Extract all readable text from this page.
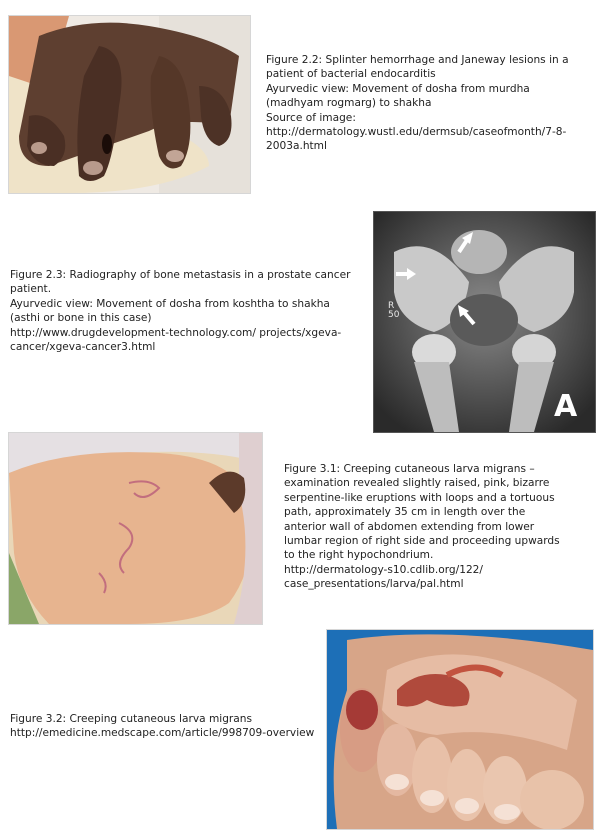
Figure 2.2: Splinter hemorrhage and Janeway lesions in a
patient of bacterial endocarditis
Ayurvedic view: Movement of dosha from murdha
(madhyam rogmarg) to shakha
Source of image:
http://dermatology.wustl.edu/dermsub/caseofmonth/7-8-
2003a.html
Figure 2.3: Radiography of bone metastasis in a prostate cancer
patient.
Ayurvedic view: Movement of dosha from koshtha to shakha
(asthi or bone in this case)
http://www.drugdevelopment-technology.com/ projects/xgeva-
cancer/xgeva-cancer3.html
R 50
A
Figure 3.1: Creeping cutaneous larva migrans –
examination revealed slightly raised, pink, bizarre
serpentine-like eruptions with loops and a tortuous
path, approximately 35 cm in length over the
anterior wall of abdomen extending from lower
lumbar region of right side and proceeding upwards
to the right hypochondrium.
http://dermatology-s10.cdlib.org/122/
case_presentations/larva/pal.html
Figure 3.2: Creeping cutaneous larva migrans
http://emedicine.medscape.com/article/998709-overview
